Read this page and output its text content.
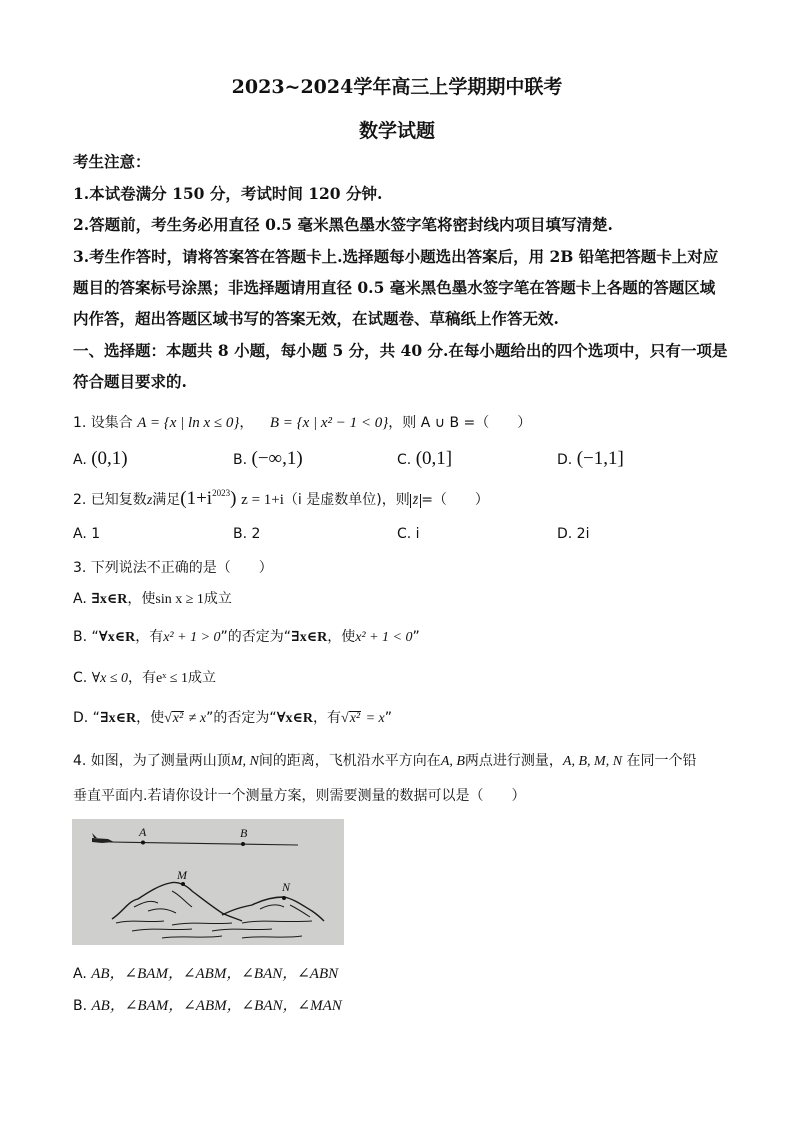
2023~2024学年高三上学期期中联考
数学试题
考生注意：
1.本试卷满分 150 分，考试时间 120 分钟.
2.答题前，考生务必用直径 0.5 毫米黑色墨水签字笔将密封线内项目填写清楚.
3.考生作答时，请将答案答在答题卡上.选择题每小题选出答案后，用 2B 铅笔把答题卡上对应
题目的答案标号涂黑；非选择题请用直径 0.5 毫米黑色墨水签字笔在答题卡上各题的答题区域
内作答，超出答题区域书写的答案无效，在试题卷、草稿纸上作答无效.
一、选择题：本题共 8 小题，每小题 5 分，共 40 分.在每小题给出的四个选项中，只有一项是
符合题目要求的.
1. 设集合 A = {x | ln x ≤ 0}， B = {x | x² − 1 < 0}，则 A ∪ B =（　　）
A. (0,1)	B. (−∞,1)	C. (0,1]	D. (−1,1]
2. 已知复数z满足$(1+i^{2023}) z = 1+i(i$ 是虚数单位)，则 z̄ =（　　）
A. 1	B. 2	C. i	D. 2i
3. 下列说法不正确的是（　　）
A. ∃x∈R，使sin x ≥ 1成立
B. “∀x∈R，有x² + 1 > 0”的否定为“∃x∈R，使x² + 1 < 0”
C. ∀x ≤ 0，有eˣ ≤ 1成立
D. “∃x∈R，使√x² ≠ x”的否定为“∀x∈R，有√x² = x”
4. 如图，为了测量两山顶M, N间的距离，飞机沿水平方向在A, B两点进行测量，A, B, M, N 在同一个铅
垂直平面内.若请你设计一个测量方案，则需要测量的数据可以是（　　）
A	B
M
N
A. AB，∠BAM，∠ABM，∠BAN，∠ABN
B. AB，∠BAM，∠ABM，∠BAN，∠MAN
